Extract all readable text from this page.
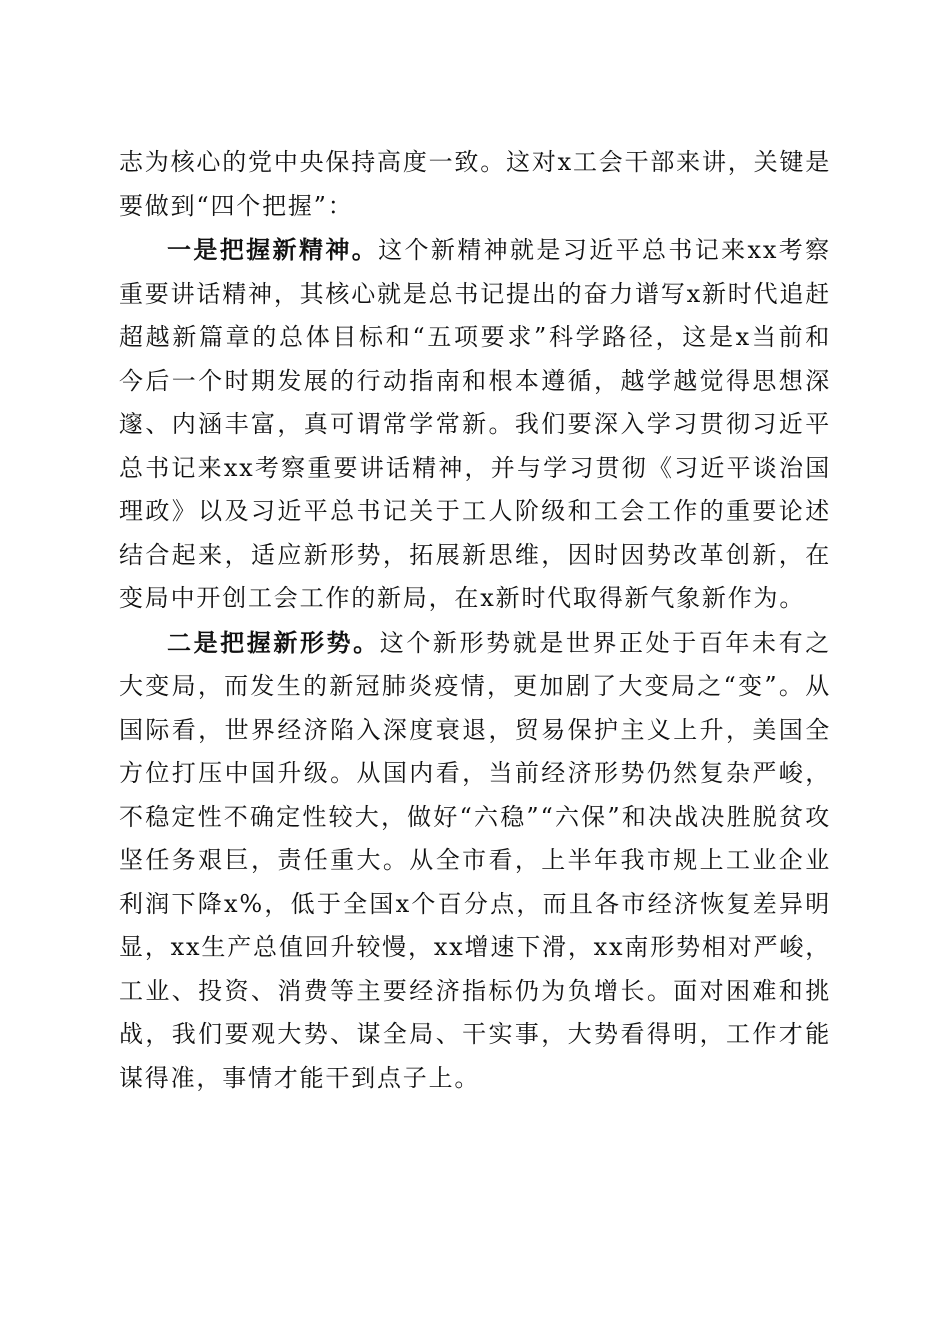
志为核心的党中央保持高度一致。这对x工会干部来讲，关键是要做到“四个把握”：

一是把握新精神。这个新精神就是习近平总书记来xx考察重要讲话精神，其核心就是总书记提出的奋力谱写x新时代追赶超越新篇章的总体目标和“五项要求”科学路径，这是x当前和今后一个时期发展的行动指南和根本遵循，越学越觉得思想深邃、内涵丰富，真可谓常学常新。我们要深入学习贯彻习近平总书记来xx考察重要讲话精神，并与学习贯彻《习近平谈治国理政》以及习近平总书记关于工人阶级和工会工作的重要论述结合起来，适应新形势，拓展新思维，因时因势改革创新，在变局中开创工会工作的新局，在x新时代取得新气象新作为。

二是把握新形势。这个新形势就是世界正处于百年未有之大变局，而发生的新冠肺炎疫情，更加剧了大变局之“变”。从国际看，世界经济陷入深度衰退，贸易保护主义上升，美国全方位打压中国升级。从国内看，当前经济形势仍然复杂严峻，不稳定性不确定性较大，做好“六稳”“六保”和决战决胜脱贫攻坚任务艰巨，责任重大。从全市看，上半年我市规上工业企业利润下降x%，低于全国x个百分点，而且各市经济恢复差异明显，xx生产总值回升较慢，xx增速下滑，xx南形势相对严峻，工业、投资、消费等主要经济指标仍为负增长。面对困难和挑战，我们要观大势、谋全局、干实事，大势看得明，工作才能谋得准，事情才能干到点子上。
